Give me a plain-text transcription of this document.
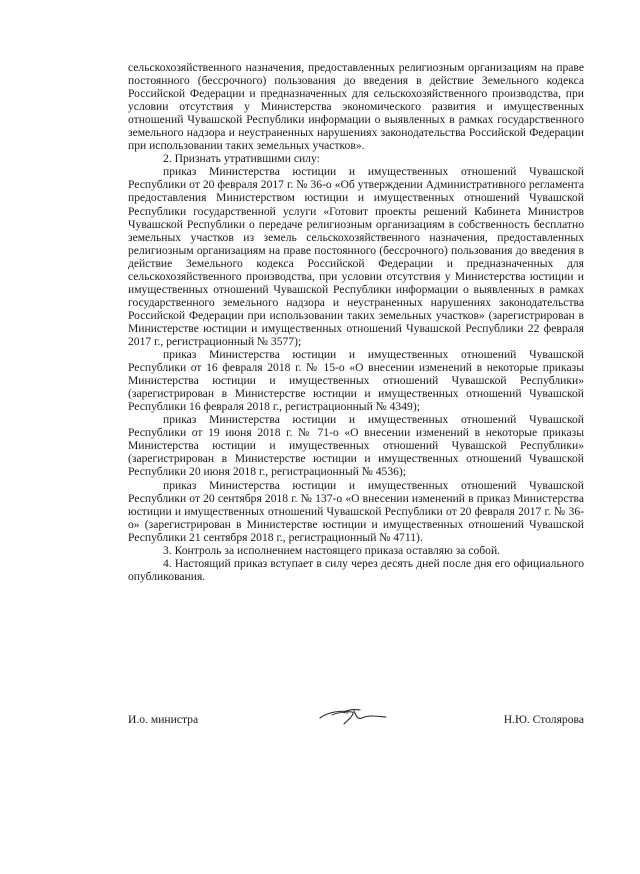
сельскохозяйственного назначения, предоставленных религиозным организациям на праве постоянного (бессрочного) пользования до введения в действие Земельного кодекса Российской Федерации и предназначенных для сельскохозяйственного производства, при условии отсутствия у Министерства экономического развития и имущественных отношений Чувашской Республики информации о выявленных в рамках государственного земельного надзора и неустраненных нарушениях законодательства Российской Федерации при использовании таких земельных участков».

2. Признать утратившими силу:

приказ Министерства юстиции и имущественных отношений Чувашской Республики от 20 февраля 2017 г. № 36-о «Об утверждении Административного регламента предоставления Министерством юстиции и имущественных отношений Чувашской Республики государственной услуги «Готовит проекты решений Кабинета Министров Чувашской Республики о передаче религиозным организациям в собственность бесплатно земельных участков из земель сельскохозяйственного назначения, предоставленных религиозным организациям на праве постоянного (бессрочного) пользования до введения в действие Земельного кодекса Российской Федерации и предназначенных для сельскохозяйственного производства, при условии отсутствия у Министерства юстиции и имущественных отношений Чувашской Республики информации о выявленных в рамках государственного земельного надзора и неустраненных нарушениях законодательства Российской Федерации при использовании таких земельных участков» (зарегистрирован в Министерстве юстиции и имущественных отношений Чувашской Республики 22 февраля 2017 г., регистрационный № 3577);

приказ Министерства юстиции и имущественных отношений Чувашской Республики от 16 февраля 2018 г. № 15-о «О внесении изменений в некоторые приказы Министерства юстиции и имущественных отношений Чувашской Республики» (зарегистрирован в Министерстве юстиции и имущественных отношений Чувашской Республики 16 февраля 2018 г., регистрационный № 4349);

приказ Министерства юстиции и имущественных отношений Чувашской Республики от 19 июня 2018 г. № 71-о «О внесении изменений в некоторые приказы Министерства юстиции и имущественных отношений Чувашской Республики» (зарегистрирован в Министерстве юстиции и имущественных отношений Чувашской Республики 20 июня 2018 г., регистрационный № 4536);

приказ Министерства юстиции и имущественных отношений Чувашской Республики от 20 сентября 2018 г. № 137-о «О внесении изменений в приказ Министерства юстиции и имущественных отношений Чувашской Республики от 20 февраля 2017 г. № 36-о» (зарегистрирован в Министерстве юстиции и имущественных отношений Чувашской Республики 21 сентября 2018 г., регистрационный № 4711).

3. Контроль за исполнением настоящего приказа оставляю за собой.

4. Настоящий приказ вступает в силу через десять дней после дня его официального опубликования.

И.о. министра	Н.Ю. Столярова
